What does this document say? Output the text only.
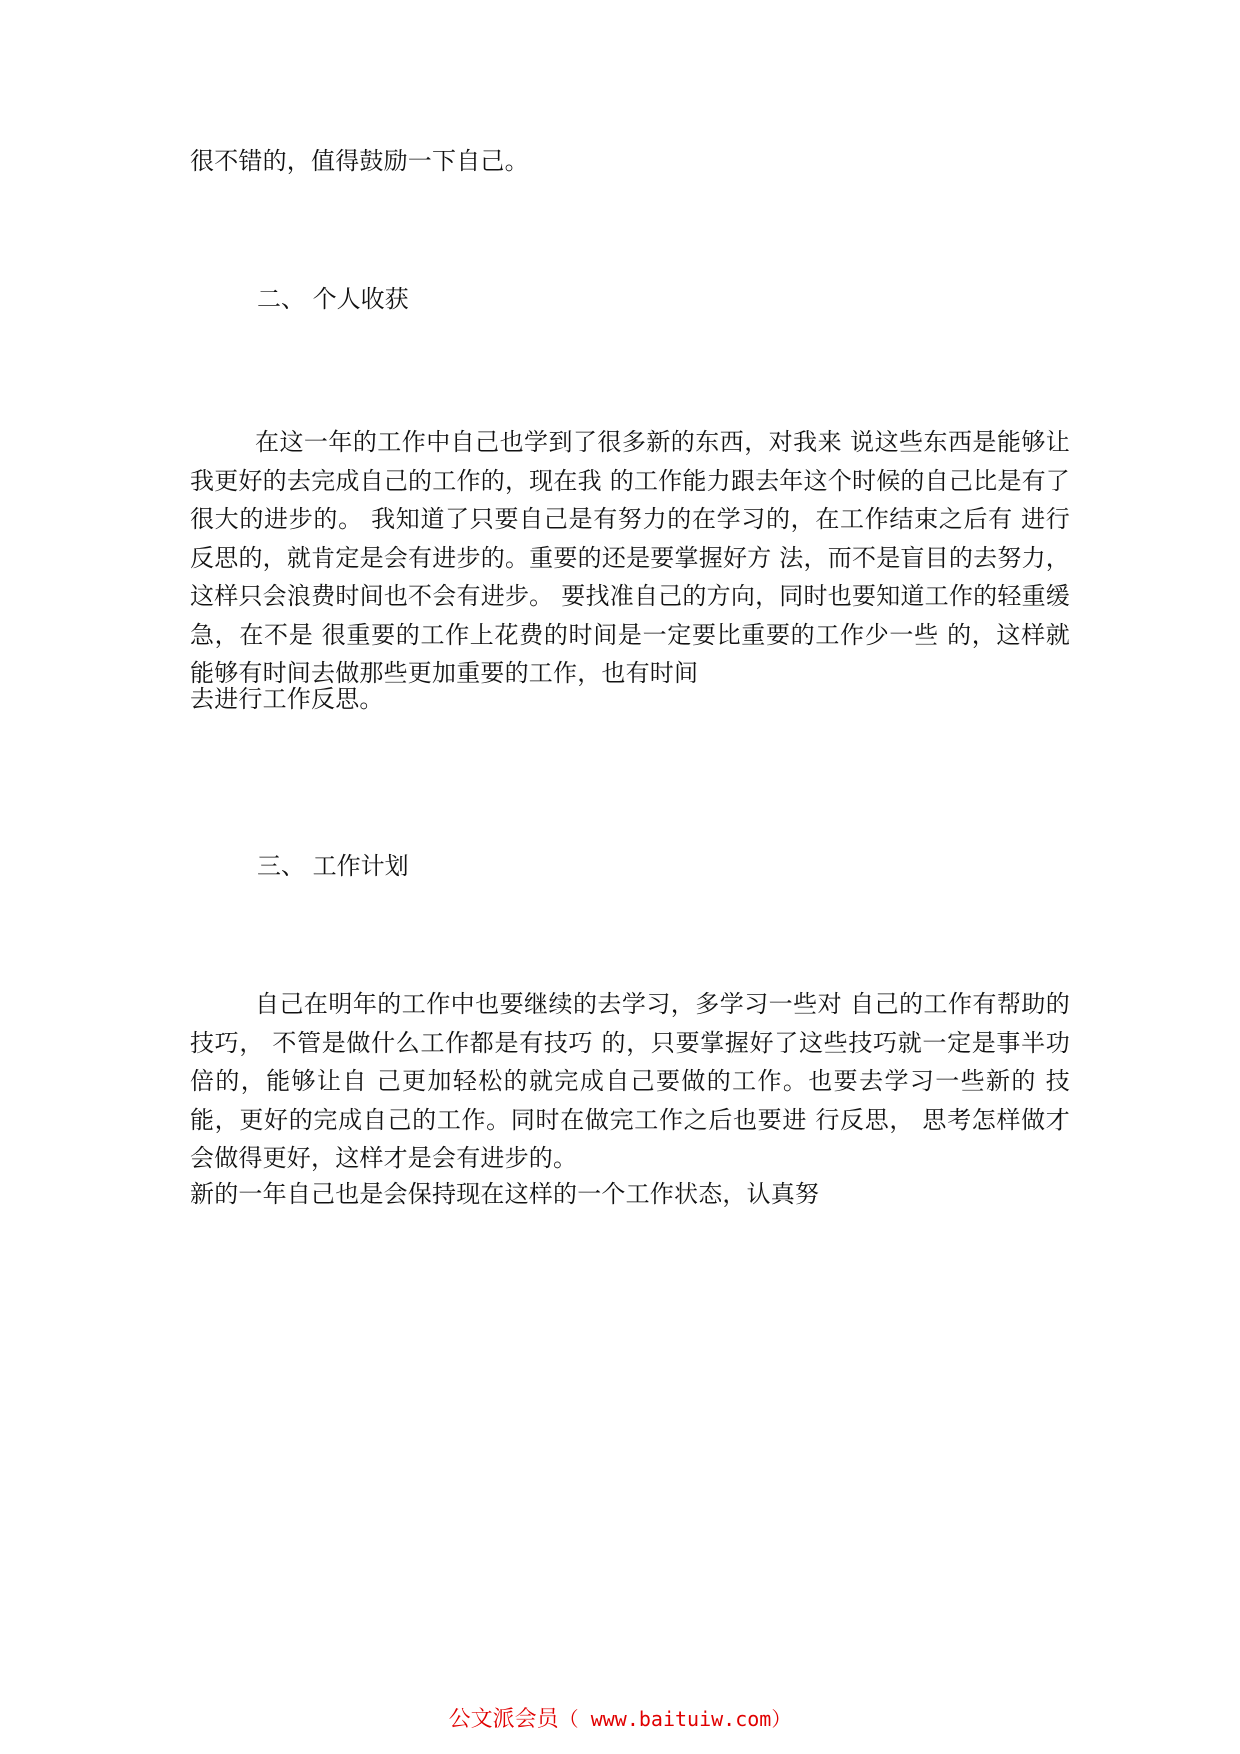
很不错的，值得鼓励一下自己。
二、 个人收获

在这一年的工作中自己也学到了很多新的东西，对我来 说这些东西是能够让我更好的去完成自己的工作的，现在我 的工作能力跟去年这个时候的自己比是有了很大的进步的。 我知道了只要自己是有努力的在学习的，在工作结束之后有 进行反思的，就肯定是会有进步的。重要的还是要掌握好方 法，而不是盲目的去努力，这样只会浪费时间也不会有进步。 要找准自己的方向，同时也要知道工作的轻重缓急，在不是 很重要的工作上花费的时间是一定要比重要的工作少一些 的，这样就能够有时间去做那些更加重要的工作，也有时间

去进行工作反思。
三、 工作计划

自己在明年的工作中也要继续的去学习，多学习一些对 自己的工作有帮助的技巧， 不管是做什么工作都是有技巧 的，只要掌握好了这些技巧就一定是事半功倍的，能够让自 己更加轻松的就完成自己要做的工作。也要去学习一些新的 技能，更好的完成自己的工作。同时在做完工作之后也要进 行反思， 思考怎样做才会做得更好，这样才是会有进步的。

新的一年自己也是会保持现在这样的一个工作状态，认真努
公文派会员（ www.baituiw.com）
